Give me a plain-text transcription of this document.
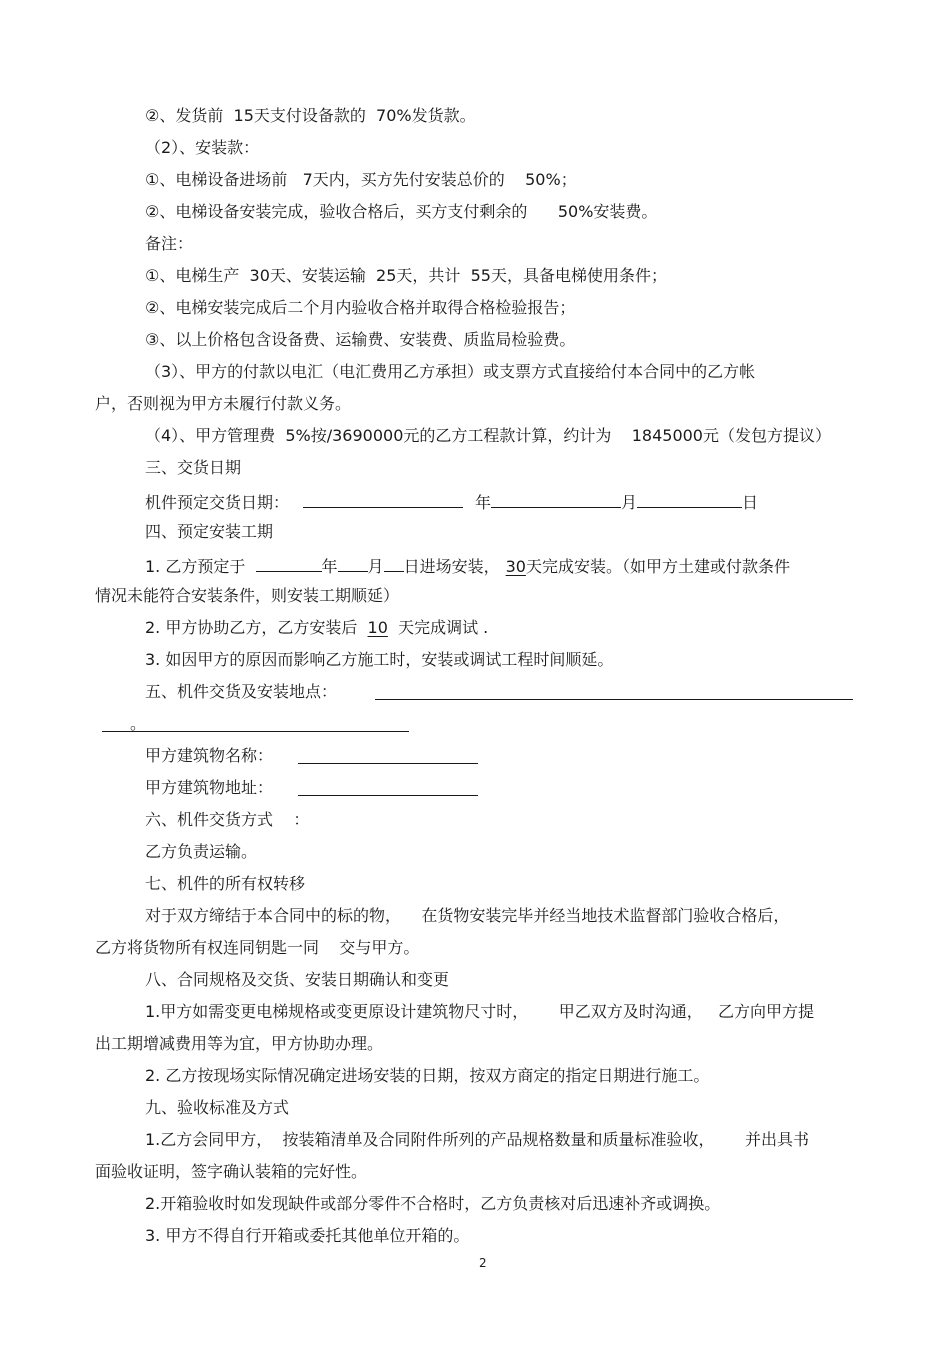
②、发货前  15天支付设备款的  70%发货款。
（2）、安装款：
①、电梯设备进场前   7天内，买方先付安装总价的    50%；
②、电梯设备安装完成，验收合格后，买方支付剩余的      50%安装费。
备注：
①、电梯生产  30天、安装运输  25天，共计  55天，具备电梯使用条件；
②、电梯安装完成后二个月内验收合格并取得合格检验报告；
③、以上价格包含设备费、运输费、安装费、质监局检验费。
（3）、甲方的付款以电汇（电汇费用乙方承担）或支票方式直接给付本合同中的乙方帐
户，否则视为甲方未履行付款义务。
（4）、甲方管理费  5%按/3690000元的乙方工程款计算，约计为    1845000元（发包方提议）
三、交货日期
机件预定交货日期：	年	月	日
四、预定安装工期
1. 乙方预定于	年 月 日进场安装， 30天完成安装。（如甲方土建或付款条件
情况未能符合安装条件，则安装工期顺延）
2. 甲方协助乙方，乙方安装后  10  天完成调试 .
3. 如因甲方的原因而影响乙方施工时，安装或调试工程时间顺延。
五、机件交货及安装地点：
。
甲方建筑物名称：
甲方建筑物地址：
六、机件交货方式    ：
乙方负责运输。
七、机件的所有权转移
对于双方缔结于本合同中的标的物，    在货物安装完毕并经当地技术监督部门验收合格后，
乙方将货物所有权连同钥匙一同    交与甲方。
八、合同规格及交货、安装日期确认和变更
1.甲方如需变更电梯规格或变更原设计建筑物尺寸时，      甲乙双方及时沟通，   乙方向甲方提
出工期增减费用等为宜，甲方协助办理。
2. 乙方按现场实际情况确定进场安装的日期，按双方商定的指定日期进行施工。
九、验收标准及方式
1.乙方会同甲方，  按装箱清单及合同附件所列的产品规格数量和质量标准验收，      并出具书
面验收证明，签字确认装箱的完好性。
2.开箱验收时如发现缺件或部分零件不合格时，乙方负责核对后迅速补齐或调换。
3. 甲方不得自行开箱或委托其他单位开箱的。
2
